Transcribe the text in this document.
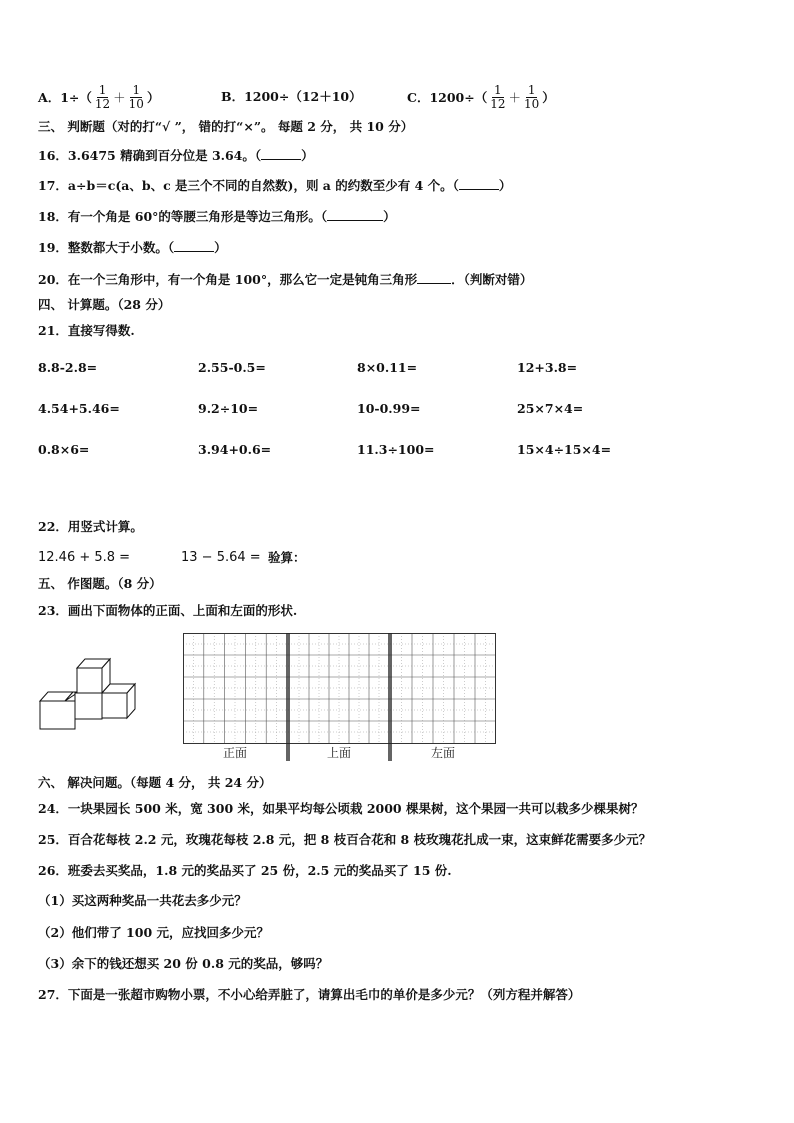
A．$1\div( \frac{1}{12} + \frac{1}{10}$ ）	B．1200÷（12＋10）	C．$1200\div( \frac{1}{12} + \frac{1}{10}$ ）
三、 判断题（对的打“√ ”， 错的打“×”。 每题 2 分， 共 10 分）
16．3.6475 精确到百分位是 3.64。（	）
17．a÷b＝c(a、b、c 是三个不同的自然数)，则 a 的约数至少有 4 个。（	）
18．有一个角是 60°的等腰三角形是等边三角形。（	）
19．整数都大于小数。（	）
20．在一个三角形中，有一个角是 100°，那么它一定是钝角三角形	．（判断对错）
四、 计算题。（28 分）
21．直接写得数.
8.8-2.8=	2.55-0.5=	8×0.11=	12+3.8=
4.54+5.46=	9.2÷10=	10-0.99=	25×7×4=
0.8×6=	3.94+0.6=	11.3÷100=	15×4÷15×4=
22．用竖式计算。
12.46 + 5.8 =	13 − 5.64 = 验算：
五、 作图题。（8 分）
23．画出下面物体的正面、上面和左面的形状.
正面	上面	左面
六、 解决问题。（每题 4 分， 共 24 分）
24．一块果园长 500 米，宽 300 米，如果平均每公顷栽 2000 棵果树，这个果园一共可以栽多少棵果树？
25．百合花每枝 2.2 元，玫瑰花每枝 2.8 元，把 8 枝百合花和 8 枝玫瑰花扎成一束，这束鲜花需要多少元？
26．班委去买奖品，1.8 元的奖品买了 25 份，2.5 元的奖品买了 15 份.
（1）买这两种奖品一共花去多少元？
（2）他们带了 100 元，应找回多少元？
（3）余下的钱还想买 20 份 0.8 元的奖品，够吗？
27．下面是一张超市购物小票，不小心给弄脏了，请算出毛巾的单价是多少元？（列方程并解答）
